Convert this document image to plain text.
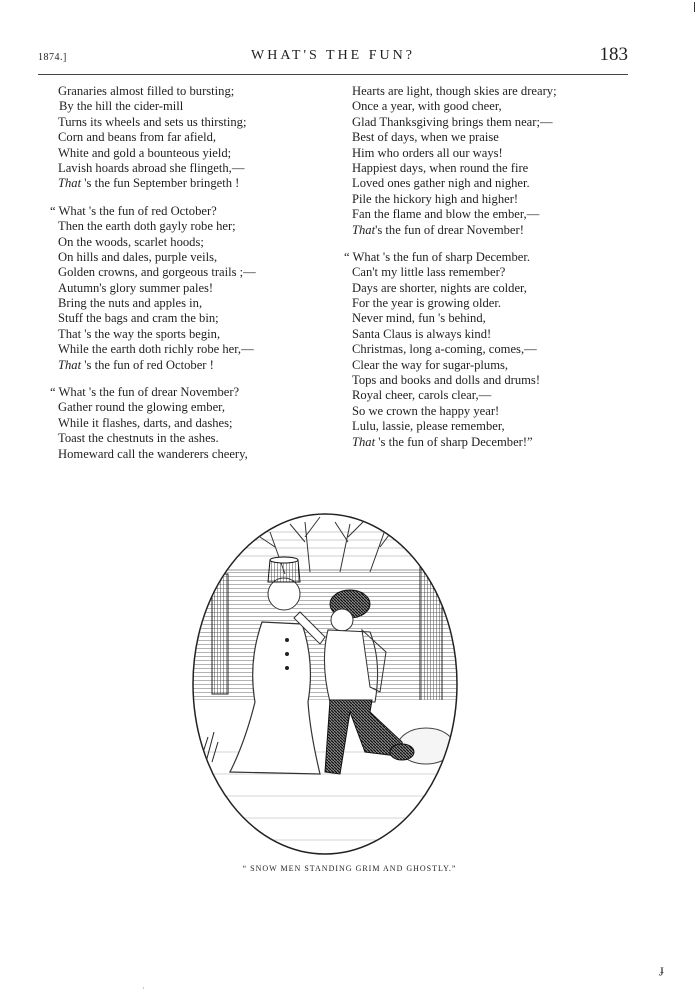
1874.]	WHAT'S THE FUN?	183
Granaries almost filled to bursting;
By the hill the cider-mill
Turns its wheels and sets us thirsting;
Corn and beans from far afield,
White and gold a bounteous yield;
Lavish hoards abroad she flingeth,—
That 's the fun September bringeth !
“ What 's the fun of red October?
Then the earth doth gayly robe her;
On the woods, scarlet hoods;
On hills and dales, purple veils,
Golden crowns, and gorgeous trails ;—
Autumn's glory summer pales!
Bring the nuts and apples in,
Stuff the bags and cram the bin;
That 's the way the sports begin,
While the earth doth richly robe her,—
That 's the fun of red October !
“ What 's the fun of drear November?
Gather round the glowing ember,
While it flashes, darts, and dashes;
Toast the chestnuts in the ashes.
Homeward call the wanderers cheery,
Hearts are light, though skies are dreary;
Once a year, with good cheer,
Glad Thanksgiving brings them near;—
Best of days, when we praise
Him who orders all our ways!
Happiest days, when round the fire
Loved ones gather nigh and nigher.
Pile the hickory high and higher!
Fan the flame and blow the ember,—
That's the fun of drear November!
“ What 's the fun of sharp December.
Can't my little lass remember?
Days are shorter, nights are colder,
For the year is growing older.
Never mind, fun 's behind,
Santa Claus is always kind!
Christmas, long a-coming, comes,—
Clear the way for sugar-plums,
Tops and books and dolls and drums!
Royal cheer, carols clear,—
So we crown the happy year!
Lulu, lassie, please remember,
That 's the fun of sharp December!”
“ SNOW MEN STANDING GRIM AND GHOSTLY.”
ɟ
·
